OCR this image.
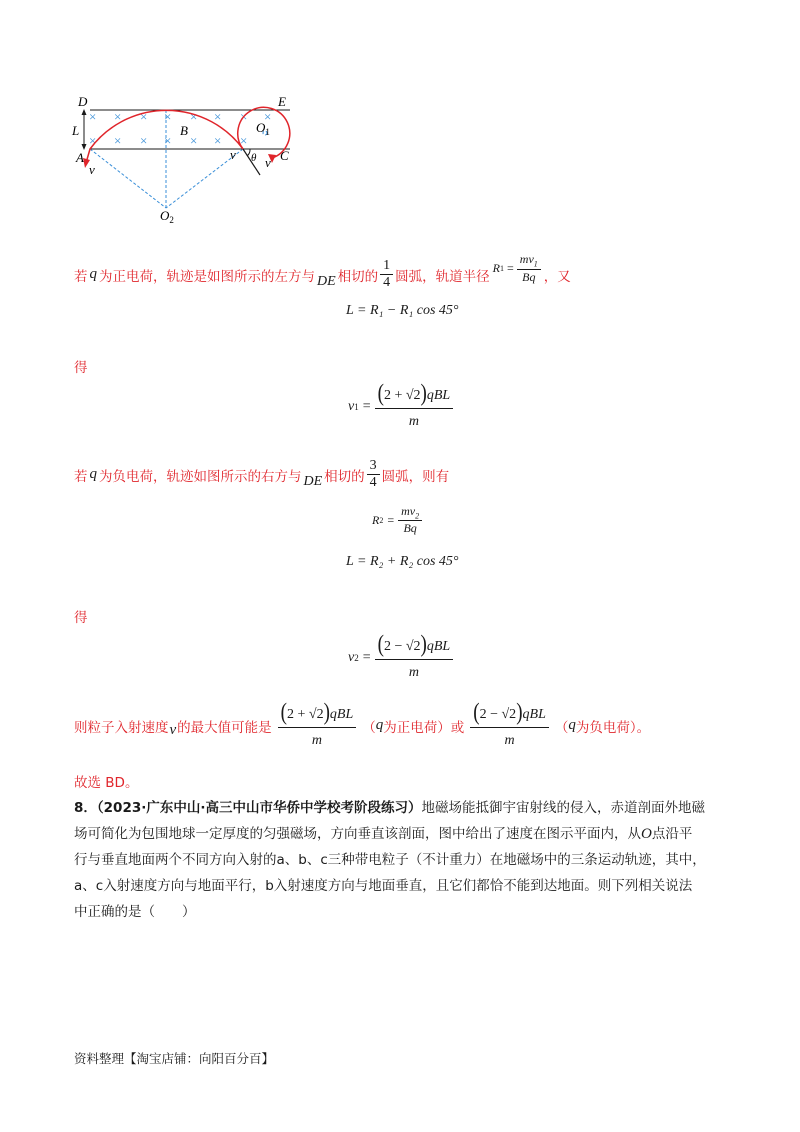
× × × × × × × ×
× × × × × × ×
D	E
L	B	$O_1$
A	C
v
v θ v
$O_2$
若 q 为正电荷，轨迹是如图所示的左方与 DE 相切的 $\frac{1}{4}$ 圆弧，轨道半径
R $1 = \frac{mv_1}{Bq}$ ，又
L = R₁ − R₁ cos 45°
得
v $1 = \frac{\text{(2 + √2)qBL}}{m}$
若 q 为负电荷，轨迹如图所示的右方与 DE 相切的 $\frac{3}{4}$ 圆弧，则有
R $2 = \frac{mv_2}{Bq}$
L = R₂ + R₂ cos 45°
得
v $2 = \frac{\text{(2 − √2)qBL}}{m}$
则粒子入射速度 v 的最大值可能是 $\frac{\text{(2 + √2)qBL}}{m}$ （ q 为正电荷）或 $\frac{\text{(2 − √2)qBL}}{m}$ （ q 为负电荷）。
故选 BD。
8．（2023·广东中山·高三中山市华侨中学校考阶段练习）地磁场能抵御宇宙射线的侵入，赤道剖面外地磁
场可简化为包围地球一定厚度的匀强磁场，方向垂直该剖面，图中给出了速度在图示平面内，从O点沿平
行与垂直地面两个不同方向入射的a、b、c三种带电粒子（不计重力）在地磁场中的三条运动轨迹，其中，
a、c入射速度方向与地面平行，b入射速度方向与地面垂直，且它们都恰不能到达地面。则下列相关说法
中正确的是（　　）
资料整理【淘宝店铺：向阳百分百】
